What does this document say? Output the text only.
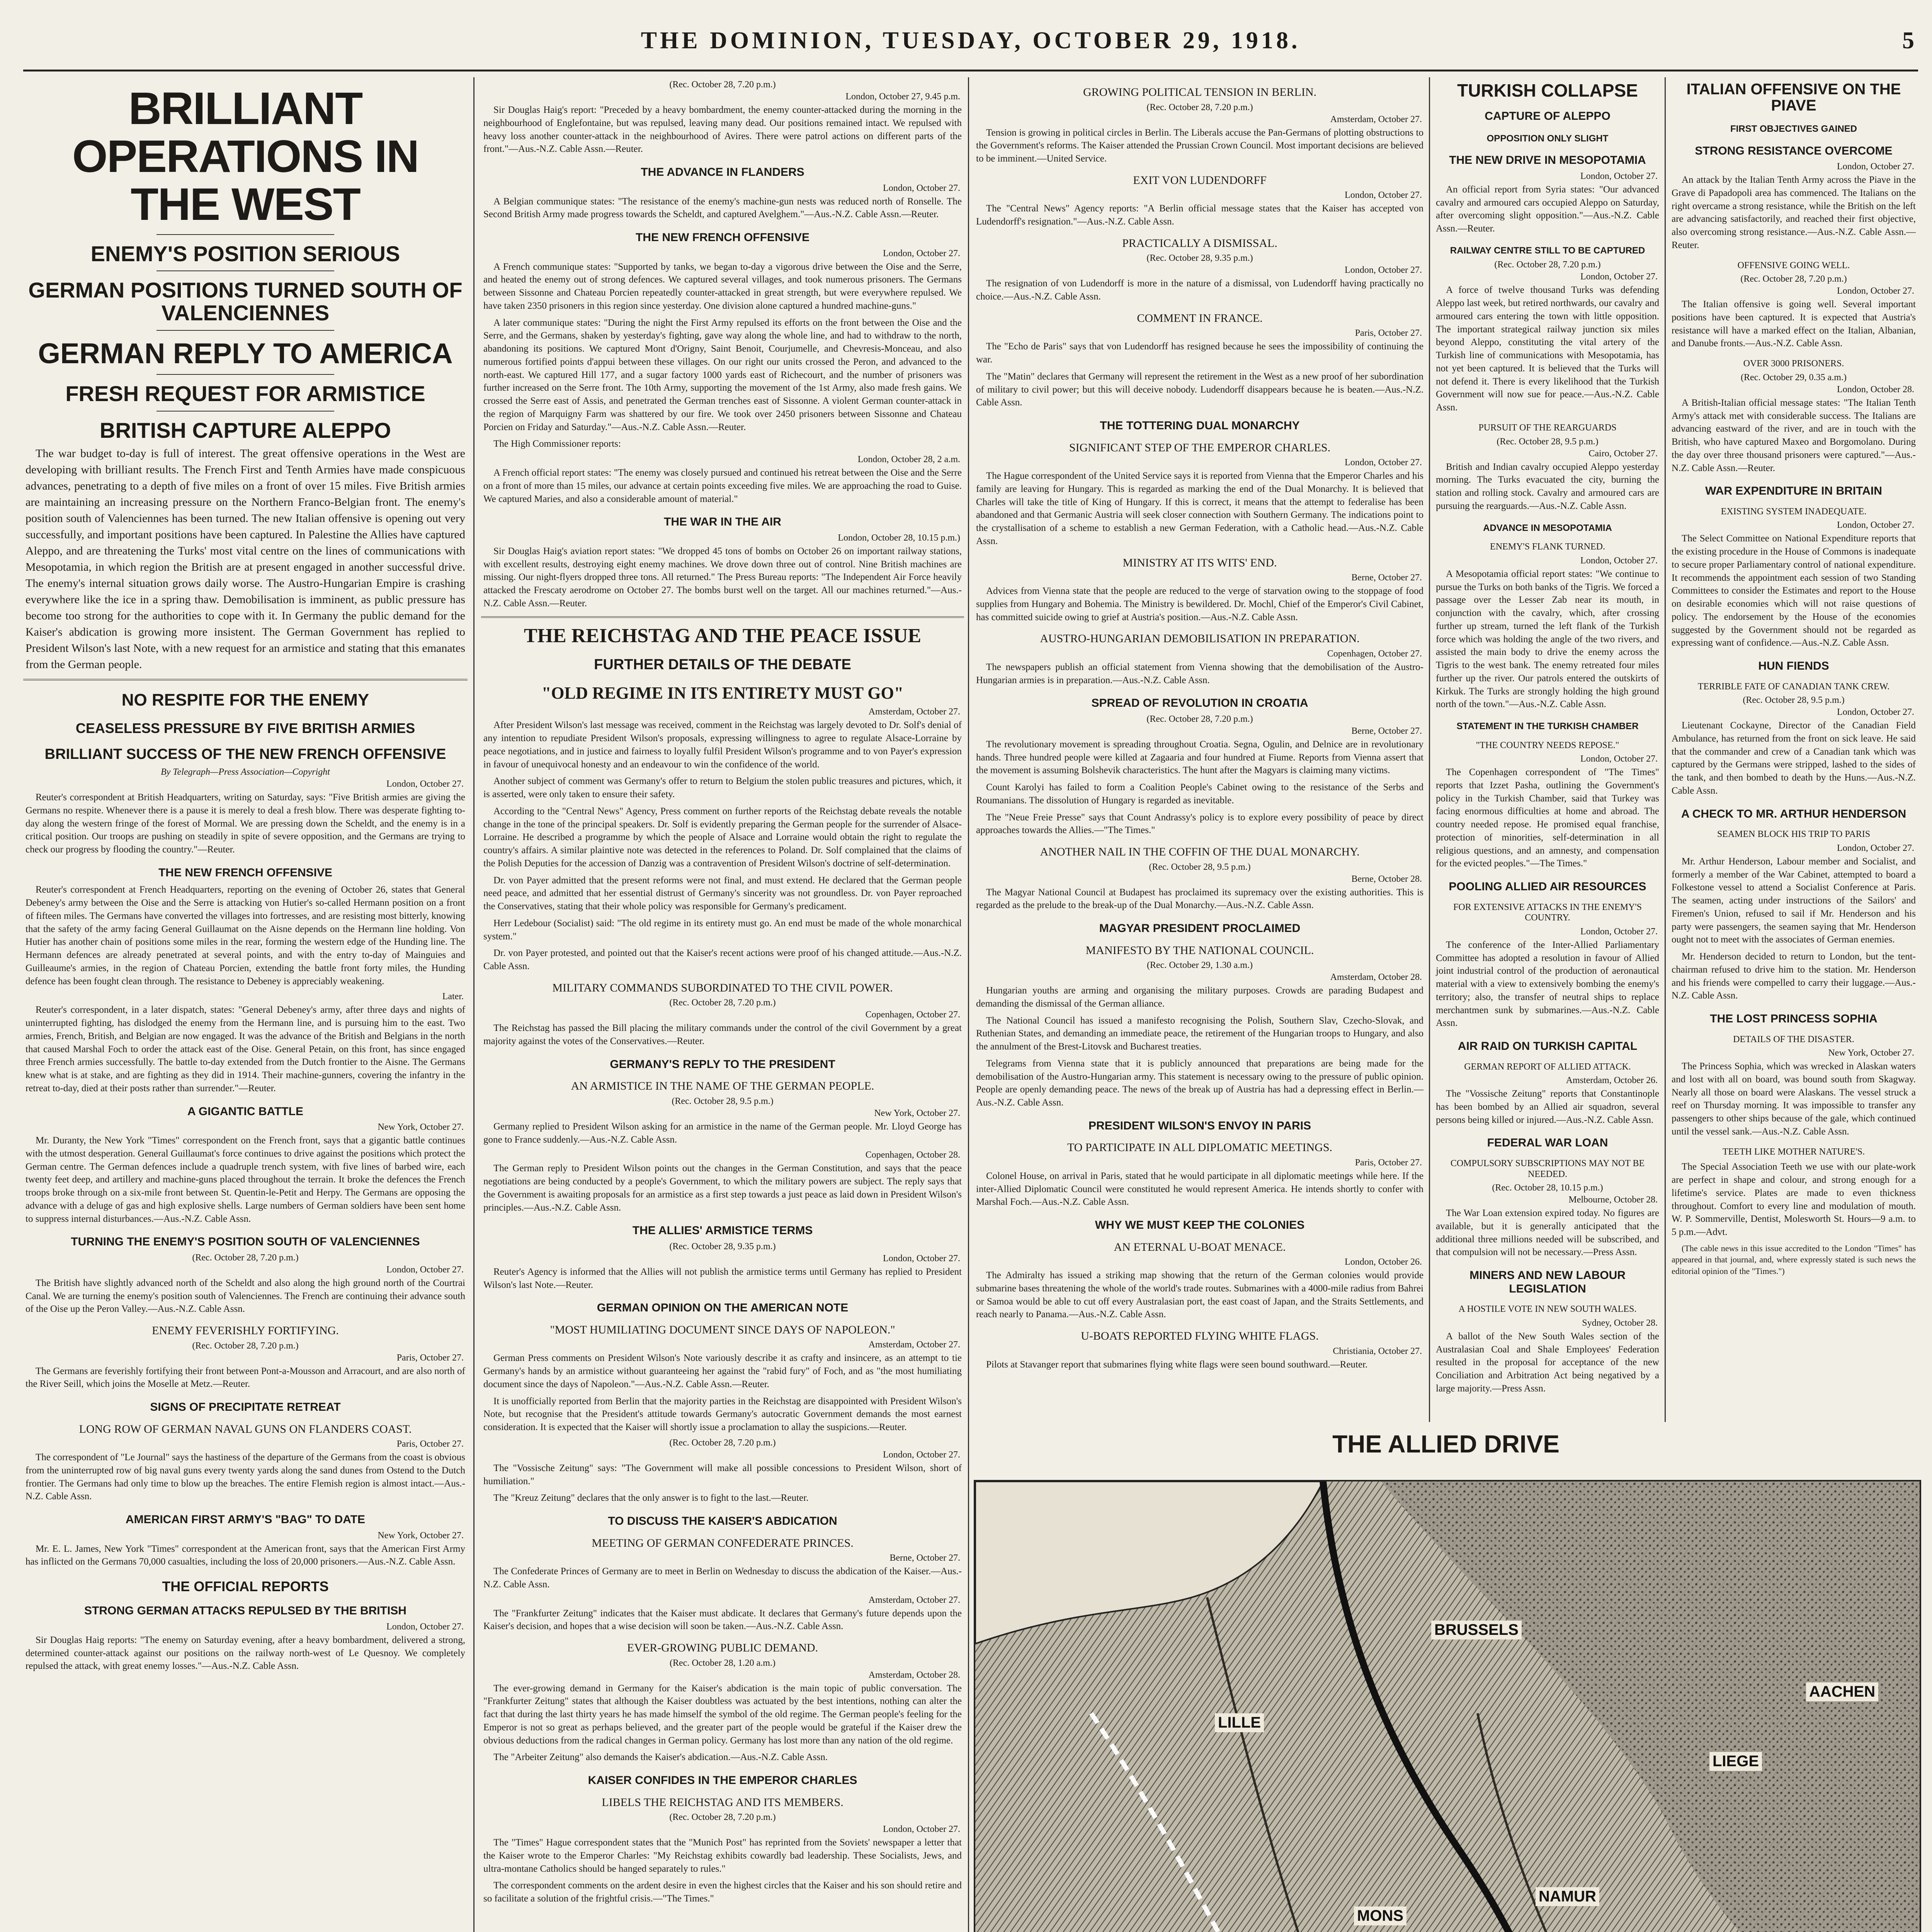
THE DOMINION, TUESDAY, OCTOBER 29, 1918.	5
BRILLIANT OPERATIONS IN THE WEST
ENEMY'S POSITION SERIOUS
GERMAN POSITIONS TURNED SOUTH OF VALENCIENNES
GERMAN REPLY TO AMERICA
FRESH REQUEST FOR ARMISTICE
BRITISH CAPTURE ALEPPO

The war budget to-day is full of interest. The great offensive operations in the West are developing with brilliant results. The French First and Tenth Armies have made conspicuous advances, penetrating to a depth of five miles on a front of over 15 miles. Five British armies are maintaining an increasing pressure on the Northern Franco-Belgian front. The enemy's position south of Valenciennes has been turned. The new Italian offensive is opening out very successfully, and important positions have been captured. In Palestine the Allies have captured Aleppo, and are threatening the Turks' most vital centre on the lines of communications with Mesopotamia, in which region the British are at present engaged in another successful drive. The enemy's internal situation grows daily worse. The Austro-Hungarian Empire is crashing everywhere like the ice in a spring thaw. Demobilisation is imminent, as public pressure has become too strong for the authorities to cope with it. In Germany the public demand for the Kaiser's abdication is growing more insistent. The German Government has replied to President Wilson's last Note, with a new request for an armistice and stating that this emanates from the German people.

NO RESPITE FOR THE ENEMY
CEASELESS PRESSURE BY FIVE BRITISH ARMIES
BRILLIANT SUCCESS OF THE NEW FRENCH OFFENSIVE
By Telegraph—Press Association—Copyright
London, October 27.

Reuter's correspondent at British Headquarters, writing on Saturday, says: "Five British armies are giving the Germans no respite. Whenever there is a pause it is merely to deal a fresh blow. There was desperate fighting to-day along the western fringe of the forest of Mormal. We are pressing down the Scheldt, and the enemy is in a critical position. Our troops are pushing on steadily in spite of severe opposition, and the Germans are trying to check our progress by flooding the country."—Reuter.

THE NEW FRENCH OFFENSIVE

Reuter's correspondent at French Headquarters, reporting on the evening of October 26, states that General Debeney's army between the Oise and the Serre is attacking von Hutier's so-called Hermann position on a front of fifteen miles. The Germans have converted the villages into fortresses, and are resisting most bitterly, knowing that the safety of the army facing General Guillaumat on the Aisne depends on the Hermann line holding. Von Hutier has another chain of positions some miles in the rear, forming the western edge of the Hunding line. The Hermann defences are already penetrated at several points, and with the entry to-day of Mainguies and Guilleaume's armies, in the region of Chateau Porcien, extending the battle front forty miles, the Hunding defence has been fought clean through. The resistance to Debeney is appreciably weakening.

Later.

Reuter's correspondent, in a later dispatch, states: "General Debeney's army, after three days and nights of uninterrupted fighting, has dislodged the enemy from the Hermann line, and is pursuing him to the east. Two armies, French, British, and Belgian are now engaged. It was the advance of the British and Belgians in the north that caused Marshal Foch to order the attack east of the Oise. General Petain, on this front, has since engaged three French armies successfully. The battle to-day extended from the Dutch frontier to the Aisne. The Germans knew what is at stake, and are fighting as they did in 1914. Their machine-gunners, covering the infantry in the retreat to-day, died at their posts rather than surrender."—Reuter.

A GIGANTIC BATTLE
New York, October 27.

Mr. Duranty, the New York "Times" correspondent on the French front, says that a gigantic battle continues with the utmost desperation. General Guillaumat's force continues to drive against the positions which protect the German centre. The German defences include a quadruple trench system, with five lines of barbed wire, each twenty feet deep, and artillery and machine-guns placed throughout the terrain. It broke the defences the French troops broke through on a six-mile front between St. Quentin-le-Petit and Herpy. The Germans are opposing the advance with a deluge of gas and high explosive shells. Large numbers of German soldiers have been sent home to suppress internal disturbances.—Aus.-N.Z. Cable Assn.

TURNING THE ENEMY'S POSITION SOUTH OF VALENCIENNES
(Rec. October 28, 7.20 p.m.)
London, October 27.

The British have slightly advanced north of the Scheldt and also along the high ground north of the Courtrai Canal. We are turning the enemy's position south of Valenciennes. The French are continuing their advance south of the Oise up the Peron Valley.—Aus.-N.Z. Cable Assn.

ENEMY FEVERISHLY FORTIFYING.
(Rec. October 28, 7.20 p.m.)
Paris, October 27.

The Germans are feverishly fortifying their front between Pont-a-Mousson and Arracourt, and are also north of the River Seill, which joins the Moselle at Metz.—Reuter.

SIGNS OF PRECIPITATE RETREAT
LONG ROW OF GERMAN NAVAL GUNS ON FLANDERS COAST.
Paris, October 27.

The correspondent of "Le Journal" says the hastiness of the departure of the Germans from the coast is obvious from the uninterrupted row of big naval guns every twenty yards along the sand dunes from Ostend to the Dutch frontier. The Germans had only time to blow up the breaches. The entire Flemish region is almost intact.—Aus.-N.Z. Cable Assn.

AMERICAN FIRST ARMY'S "BAG" TO DATE
New York, October 27.

Mr. E. L. James, New York "Times" correspondent at the American front, says that the American First Army has inflicted on the Germans 70,000 casualties, including the loss of 20,000 prisoners.—Aus.-N.Z. Cable Assn.

THE OFFICIAL REPORTS
STRONG GERMAN ATTACKS REPULSED BY THE BRITISH
London, October 27.

Sir Douglas Haig reports: "The enemy on Saturday evening, after a heavy bombardment, delivered a strong, determined counter-attack against our positions on the railway north-west of Le Quesnoy. We completely repulsed the attack, with great enemy losses."—Aus.-N.Z. Cable Assn.

(Rec. October 28, 7.20 p.m.)
London, October 27, 9.45 p.m.

Sir Douglas Haig's report: "Preceded by a heavy bombardment, the enemy counter-attacked during the morning in the neighbourhood of Englefontaine, but was repulsed, leaving many dead. Our positions remained intact. We repulsed with heavy loss another counter-attack in the neighbourhood of Avires. There were patrol actions on different parts of the front."—Aus.-N.Z. Cable Assn.—Reuter.

THE ADVANCE IN FLANDERS
London, October 27.

A Belgian communique states: "The resistance of the enemy's machine-gun nests was reduced north of Ronselle. The Second British Army made progress towards the Scheldt, and captured Avelghem."—Aus.-N.Z. Cable Assn.—Reuter.

THE NEW FRENCH OFFENSIVE
London, October 27.

A French communique states: "Supported by tanks, we began to-day a vigorous drive between the Oise and the Serre, and heated the enemy out of strong defences. We captured several villages, and took numerous prisoners. The Germans between Sissonne and Chateau Porcien repeatedly counter-attacked in great strength, but were everywhere repulsed. We have taken 2350 prisoners in this region since yesterday. One division alone captured a hundred machine-guns."

A later communique states: "During the night the First Army repulsed its efforts on the front between the Oise and the Serre, and the Germans, shaken by yesterday's fighting, gave way along the whole line, and had to withdraw to the north, abandoning its positions. We captured Mont d'Origny, Saint Benoit, Courjumelle, and Chevresis-Monceau, and also numerous fortified points d'appui between these villages. On our right our units crossed the Peron, and advanced to the north-east. We captured Hill 177, and a sugar factory 1000 yards east of Richecourt, and the number of prisoners was further increased on the Serre front. The 10th Army, supporting the movement of the 1st Army, also made fresh gains. We crossed the Serre east of Assis, and penetrated the German trenches east of Sissonne. A violent German counter-attack in the region of Marquigny Farm was shattered by our fire. We took over 2450 prisoners between Sissonne and Chateau Porcien on Friday and Saturday."—Aus.-N.Z. Cable Assn.—Reuter.

The High Commissioner reports:

London, October 28, 2 a.m.

A French official report states: "The enemy was closely pursued and continued his retreat between the Oise and the Serre on a front of more than 15 miles, our advance at certain points exceeding five miles. We are approaching the road to Guise. We captured Maries, and also a considerable amount of material."

THE WAR IN THE AIR
London, October 28, 10.15 p.m.)

Sir Douglas Haig's aviation report states: "We dropped 45 tons of bombs on October 26 on important railway stations, with excellent results, destroying eight enemy machines. We drove down three out of control. Nine British machines are missing. Our night-flyers dropped three tons. All returned." The Press Bureau reports: "The Independent Air Force heavily attacked the Frescaty aerodrome on October 27. The bombs burst well on the target. All our machines returned."—Aus.-N.Z. Cable Assn.—Reuter.

THE REICHSTAG AND THE PEACE ISSUE
FURTHER DETAILS OF THE DEBATE
"OLD REGIME IN ITS ENTIRETY MUST GO"
Amsterdam, October 27.

After President Wilson's last message was received, comment in the Reichstag was largely devoted to Dr. Solf's denial of any intention to repudiate President Wilson's proposals, expressing willingness to agree to regulate Alsace-Lorraine by peace negotiations, and in justice and fairness to loyally fulfil President Wilson's programme and to von Payer's expression in favour of unequivocal honesty and an endeavour to win the confidence of the world.

Another subject of comment was Germany's offer to return to Belgium the stolen public treasures and pictures, which, it is asserted, were only taken to ensure their safety.

According to the "Central News" Agency, Press comment on further reports of the Reichstag debate reveals the notable change in the tone of the principal speakers. Dr. Solf is evidently preparing the German people for the surrender of Alsace-Lorraine. He described a programme by which the people of Alsace and Lorraine would obtain the right to regulate the country's affairs. A similar plaintive note was detected in the references to Poland. Dr. Solf complained that the claims of the Polish Deputies for the accession of Danzig was a contravention of President Wilson's doctrine of self-determination.

Dr. von Payer admitted that the present reforms were not final, and must extend. He declared that the German people need peace, and admitted that her essential distrust of Germany's sincerity was not groundless. Dr. von Payer reproached the Conservatives, stating that their whole policy was responsible for Germany's predicament.

Herr Ledebour (Socialist) said: "The old regime in its entirety must go. An end must be made of the whole monarchical system."

Dr. von Payer protested, and pointed out that the Kaiser's recent actions were proof of his changed attitude.—Aus.-N.Z. Cable Assn.

MILITARY COMMANDS SUBORDINATED TO THE CIVIL POWER.
(Rec. October 28, 7.20 p.m.)
Copenhagen, October 27.

The Reichstag has passed the Bill placing the military commands under the control of the civil Government by a great majority against the votes of the Conservatives.—Reuter.

GERMANY'S REPLY TO THE PRESIDENT
AN ARMISTICE IN THE NAME OF THE GERMAN PEOPLE.
(Rec. October 28, 9.5 p.m.)
New York, October 27.

Germany replied to President Wilson asking for an armistice in the name of the German people. Mr. Lloyd George has gone to France suddenly.—Aus.-N.Z. Cable Assn.

Copenhagen, October 28.

The German reply to President Wilson points out the changes in the German Constitution, and says that the peace negotiations are being conducted by a people's Government, to which the military powers are subject. The reply says that the Government is awaiting proposals for an armistice as a first step towards a just peace as laid down in President Wilson's principles.—Aus.-N.Z. Cable Assn.

THE ALLIES' ARMISTICE TERMS
(Rec. October 28, 9.35 p.m.)
London, October 27.

Reuter's Agency is informed that the Allies will not publish the armistice terms until Germany has replied to President Wilson's last Note.—Reuter.

GERMAN OPINION ON THE AMERICAN NOTE
"MOST HUMILIATING DOCUMENT SINCE DAYS OF NAPOLEON."
Amsterdam, October 27.

German Press comments on President Wilson's Note variously describe it as crafty and insincere, as an attempt to tie Germany's hands by an armistice without guaranteeing her against the "rabid fury" of Foch, and as "the most humiliating document since the days of Napoleon."—Aus.-N.Z. Cable Assn.—Reuter.

It is unofficially reported from Berlin that the majority parties in the Reichstag are disappointed with President Wilson's Note, but recognise that the President's attitude towards Germany's autocratic Government demands the most earnest consideration. It is expected that the Kaiser will shortly issue a proclamation to allay the suspicions.—Reuter.

(Rec. October 28, 7.20 p.m.)
London, October 27.

The "Vossische Zeitung" says: "The Government will make all possible concessions to President Wilson, short of humiliation."

The "Kreuz Zeitung" declares that the only answer is to fight to the last.—Reuter.

TO DISCUSS THE KAISER'S ABDICATION
MEETING OF GERMAN CONFEDERATE PRINCES.
Berne, October 27.

The Confederate Princes of Germany are to meet in Berlin on Wednesday to discuss the abdication of the Kaiser.—Aus.-N.Z. Cable Assn.

Amsterdam, October 27.

The "Frankfurter Zeitung" indicates that the Kaiser must abdicate. It declares that Germany's future depends upon the Kaiser's decision, and hopes that a wise decision will soon be taken.—Aus.-N.Z. Cable Assn.

EVER-GROWING PUBLIC DEMAND.
(Rec. October 28, 1.20 a.m.)
Amsterdam, October 28.

The ever-growing demand in Germany for the Kaiser's abdication is the main topic of public conversation. The "Frankfurter Zeitung" states that although the Kaiser doubtless was actuated by the best intentions, nothing can alter the fact that during the last thirty years he has made himself the symbol of the old regime. The German people's feeling for the Emperor is not so great as perhaps believed, and the greater part of the people would be grateful if the Kaiser drew the obvious deductions from the radical changes in German policy. Germany has lost more than any nation of the old regime.

The "Arbeiter Zeitung" also demands the Kaiser's abdication.—Aus.-N.Z. Cable Assn.

KAISER CONFIDES IN THE EMPEROR CHARLES
LIBELS THE REICHSTAG AND ITS MEMBERS.
(Rec. October 28, 7.20 p.m.)
London, October 27.

The "Times" Hague correspondent states that the "Munich Post" has reprinted from the Soviets' newspaper a letter that the Kaiser wrote to the Emperor Charles: "My Reichstag exhibits cowardly bad leadership. These Socialists, Jews, and ultra-montane Catholics should be hanged separately to rules."

The correspondent comments on the ardent desire in even the highest circles that the Kaiser and his son should retire and so facilitate a solution of the frightful crisis.—"The Times."

GROWING POLITICAL TENSION IN BERLIN.
(Rec. October 28, 7.20 p.m.)
Amsterdam, October 27.

Tension is growing in political circles in Berlin. The Liberals accuse the Pan-Germans of plotting obstructions to the Government's reforms. The Kaiser attended the Prussian Crown Council. Most important decisions are believed to be imminent.—United Service.

EXIT VON LUDENDORFF
London, October 27.

The "Central News" Agency reports: "A Berlin official message states that the Kaiser has accepted von Ludendorff's resignation."—Aus.-N.Z. Cable Assn.

PRACTICALLY A DISMISSAL.
(Rec. October 28, 9.35 p.m.)
London, October 27.

The resignation of von Ludendorff is more in the nature of a dismissal, von Ludendorff having practically no choice.—Aus.-N.Z. Cable Assn.

COMMENT IN FRANCE.
Paris, October 27.

The "Echo de Paris" says that von Ludendorff has resigned because he sees the impossibility of continuing the war.

The "Matin" declares that Germany will represent the retirement in the West as a new proof of her subordination of military to civil power; but this will deceive nobody. Ludendorff disappears because he is beaten.—Aus.-N.Z. Cable Assn.

THE TOTTERING DUAL MONARCHY
SIGNIFICANT STEP OF THE EMPEROR CHARLES.
London, October 27.

The Hague correspondent of the United Service says it is reported from Vienna that the Emperor Charles and his family are leaving for Hungary. This is regarded as marking the end of the Dual Monarchy. It is believed that Charles will take the title of King of Hungary. If this is correct, it means that the attempt to federalise has been abandoned and that Germanic Austria will seek closer connection with Southern Germany. The indications point to the crystallisation of a scheme to establish a new German Federation, with a Catholic head.—Aus.-N.Z. Cable Assn.

MINISTRY AT ITS WITS' END.
Berne, October 27.

Advices from Vienna state that the people are reduced to the verge of starvation owing to the stoppage of food supplies from Hungary and Bohemia. The Ministry is bewildered. Dr. Mochl, Chief of the Emperor's Civil Cabinet, has committed suicide owing to grief at Austria's position.—Aus.-N.Z. Cable Assn.

AUSTRO-HUNGARIAN DEMOBILISATION IN PREPARATION.
Copenhagen, October 27.

The newspapers publish an official statement from Vienna showing that the demobilisation of the Austro-Hungarian armies is in preparation.—Aus.-N.Z. Cable Assn.

SPREAD OF REVOLUTION IN CROATIA
(Rec. October 28, 7.20 p.m.)
Berne, October 27.

The revolutionary movement is spreading throughout Croatia. Segna, Ogulin, and Delnice are in revolutionary hands. Three hundred people were killed at Zagaaria and four hundred at Fiume. Reports from Vienna assert that the movement is assuming Bolshevik characteristics. The hunt after the Magyars is claiming many victims.

Count Karolyi has failed to form a Coalition People's Cabinet owing to the resistance of the Serbs and Roumanians. The dissolution of Hungary is regarded as inevitable.

The "Neue Freie Presse" says that Count Andrassy's policy is to explore every possibility of peace by direct approaches towards the Allies.—"The Times."

ANOTHER NAIL IN THE COFFIN OF THE DUAL MONARCHY.
(Rec. October 28, 9.5 p.m.)
Berne, October 28.

The Magyar National Council at Budapest has proclaimed its supremacy over the existing authorities. This is regarded as the prelude to the break-up of the Dual Monarchy.—Aus.-N.Z. Cable Assn.

MAGYAR PRESIDENT PROCLAIMED
MANIFESTO BY THE NATIONAL COUNCIL.
(Rec. October 29, 1.30 a.m.)
Amsterdam, October 28.

Hungarian youths are arming and organising the military purposes. Crowds are parading Budapest and demanding the dismissal of the German alliance.

The National Council has issued a manifesto recognising the Polish, Southern Slav, Czecho-Slovak, and Ruthenian States, and demanding an immediate peace, the retirement of the Hungarian troops to Hungary, and also the annulment of the Brest-Litovsk and Bucharest treaties.

Telegrams from Vienna state that it is publicly announced that preparations are being made for the demobilisation of the Austro-Hungarian army. This statement is necessary owing to the pressure of public opinion. People are openly demanding peace. The news of the break up of Austria has had a depressing effect in Berlin.—Aus.-N.Z. Cable Assn.

PRESIDENT WILSON'S ENVOY IN PARIS
TO PARTICIPATE IN ALL DIPLOMATIC MEETINGS.
Paris, October 27.

Colonel House, on arrival in Paris, stated that he would participate in all diplomatic meetings while here. If the inter-Allied Diplomatic Council were constituted he would represent America. He intends shortly to confer with Marshal Foch.—Aus.-N.Z. Cable Assn.

WHY WE MUST KEEP THE COLONIES
AN ETERNAL U-BOAT MENACE.
London, October 26.

The Admiralty has issued a striking map showing that the return of the German colonies would provide submarine bases threatening the whole of the world's trade routes. Submarines with a 4000-mile radius from Bahrei or Samoa would be able to cut off every Australasian port, the east coast of Japan, and the Straits Settlements, and reach nearly to Panama.—Aus.-N.Z. Cable Assn.

U-BOATS REPORTED FLYING WHITE FLAGS.
Christiania, October 27.

Pilots at Stavanger report that submarines flying white flags were seen bound southward.—Reuter.

TURKISH COLLAPSE
CAPTURE OF ALEPPO
OPPOSITION ONLY SLIGHT
THE NEW DRIVE IN MESOPOTAMIA
London, October 27.

An official report from Syria states: "Our advanced cavalry and armoured cars occupied Aleppo on Saturday, after overcoming slight opposition."—Aus.-N.Z. Cable Assn.—Reuter.

RAILWAY CENTRE STILL TO BE CAPTURED
(Rec. October 28, 7.20 p.m.)
London, October 27.

A force of twelve thousand Turks was defending Aleppo last week, but retired northwards, our cavalry and armoured cars entering the town with little opposition. The important strategical railway junction six miles beyond Aleppo, constituting the vital artery of the Turkish line of communications with Mesopotamia, has not yet been captured. It is believed that the Turks will not defend it. There is every likelihood that the Turkish Government will now sue for peace.—Aus.-N.Z. Cable Assn.

PURSUIT OF THE REARGUARDS
(Rec. October 28, 9.5 p.m.)
Cairo, October 27.

British and Indian cavalry occupied Aleppo yesterday morning. The Turks evacuated the city, burning the station and rolling stock. Cavalry and armoured cars are pursuing the rearguards.—Aus.-N.Z. Cable Assn.

ADVANCE IN MESOPOTAMIA
ENEMY'S FLANK TURNED.
London, October 27.

A Mesopotamia official report states: "We continue to pursue the Turks on both banks of the Tigris. We forced a passage over the Lesser Zab near its mouth, in conjunction with the cavalry, which, after crossing further up stream, turned the left flank of the Turkish force which was holding the angle of the two rivers, and assisted the main body to drive the enemy across the Tigris to the west bank. The enemy retreated four miles further up the river. Our patrols entered the outskirts of Kirkuk. The Turks are strongly holding the high ground north of the town."—Aus.-N.Z. Cable Assn.

STATEMENT IN THE TURKISH CHAMBER
"THE COUNTRY NEEDS REPOSE."
London, October 27.

The Copenhagen correspondent of "The Times" reports that Izzet Pasha, outlining the Government's policy in the Turkish Chamber, said that Turkey was facing enormous difficulties at home and abroad. The country needed repose. He promised equal franchise, protection of minorities, self-determination in all religious questions, and an amnesty, and compensation for the evicted peoples."—The Times."

POOLING ALLIED AIR RESOURCES
FOR EXTENSIVE ATTACKS IN THE ENEMY'S COUNTRY.
London, October 27.

The conference of the Inter-Allied Parliamentary Committee has adopted a resolution in favour of Allied joint industrial control of the production of aeronautical material with a view to extensively bombing the enemy's territory; also, the transfer of neutral ships to replace merchantmen sunk by submarines.—Aus.-N.Z. Cable Assn.

AIR RAID ON TURKISH CAPITAL
GERMAN REPORT OF ALLIED ATTACK.
Amsterdam, October 26.

The "Vossische Zeitung" reports that Constantinople has been bombed by an Allied air squadron, several persons being killed or injured.—Aus.-N.Z. Cable Assn.

FEDERAL WAR LOAN
COMPULSORY SUBSCRIPTIONS MAY NOT BE NEEDED.
(Rec. October 28, 10.15 p.m.)
Melbourne, October 28.

The War Loan extension expired today. No figures are available, but it is generally anticipated that the additional three millions needed will be subscribed, and that compulsion will not be necessary.—Press Assn.

MINERS AND NEW LABOUR LEGISLATION
A HOSTILE VOTE IN NEW SOUTH WALES.
Sydney, October 28.

A ballot of the New South Wales section of the Australasian Coal and Shale Employees' Federation resulted in the proposal for acceptance of the new Conciliation and Arbitration Act being negatived by a large majority.—Press Assn.

ITALIAN OFFENSIVE ON THE PIAVE
FIRST OBJECTIVES GAINED
STRONG RESISTANCE OVERCOME
London, October 27.

An attack by the Italian Tenth Army across the Piave in the Grave di Papadopoli area has commenced. The Italians on the right overcame a strong resistance, while the British on the left are advancing satisfactorily, and reached their first objective, also overcoming strong resistance.—Aus.-N.Z. Cable Assn.—Reuter.

OFFENSIVE GOING WELL.
(Rec. October 28, 7.20 p.m.)
London, October 27.

The Italian offensive is going well. Several important positions have been captured. It is expected that Austria's resistance will have a marked effect on the Italian, Albanian, and Danube fronts.—Aus.-N.Z. Cable Assn.

OVER 3000 PRISONERS.
(Rec. October 29, 0.35 a.m.)
London, October 28.

A British-Italian official message states: "The Italian Tenth Army's attack met with considerable success. The Italians are advancing eastward of the river, and are in touch with the British, who have captured Maxeo and Borgomolano. During the day over three thousand prisoners were captured."—Aus.-N.Z. Cable Assn.—Reuter.

WAR EXPENDITURE IN BRITAIN
EXISTING SYSTEM INADEQUATE.
London, October 27.

The Select Committee on National Expenditure reports that the existing procedure in the House of Commons is inadequate to secure proper Parliamentary control of national expenditure. It recommends the appointment each session of two Standing Committees to consider the Estimates and report to the House on desirable economies which will not raise questions of policy. The endorsement by the House of the economies suggested by the Government should not be regarded as expressing want of confidence.—Aus.-N.Z. Cable Assn.

HUN FIENDS
TERRIBLE FATE OF CANADIAN TANK CREW.
(Rec. October 28, 9.5 p.m.)
London, October 27.

Lieutenant Cockayne, Director of the Canadian Field Ambulance, has returned from the front on sick leave. He said that the commander and crew of a Canadian tank which was captured by the Germans were stripped, lashed to the sides of the tank, and then bombed to death by the Huns.—Aus.-N.Z. Cable Assn.

A CHECK TO MR. ARTHUR HENDERSON
SEAMEN BLOCK HIS TRIP TO PARIS
London, October 27.

Mr. Arthur Henderson, Labour member and Socialist, and formerly a member of the War Cabinet, attempted to board a Folkestone vessel to attend a Socialist Conference at Paris. The seamen, acting under instructions of the Sailors' and Firemen's Union, refused to sail if Mr. Henderson and his party were passengers, the seamen saying that Mr. Henderson ought not to meet with the associates of German enemies.

Mr. Henderson decided to return to London, but the tent-chairman refused to drive him to the station. Mr. Henderson and his friends were compelled to carry their luggage.—Aus.-N.Z. Cable Assn.

THE LOST PRINCESS SOPHIA
DETAILS OF THE DISASTER.
New York, October 27.

The Princess Sophia, which was wrecked in Alaskan waters and lost with all on board, was bound south from Skagway. Nearly all those on board were Alaskans. The vessel struck a reef on Thursday morning. It was impossible to transfer any passengers to other ships because of the gale, which continued until the vessel sank.—Aus.-N.Z. Cable Assn.

TEETH LIKE MOTHER NATURE'S.

The Special Association Teeth we use with our plate-work are perfect in shape and colour, and strong enough for a lifetime's service. Plates are made to even thickness throughout. Comfort to every line and modulation of mouth. W. P. Sommerville, Dentist, Molesworth St. Hours—9 a.m. to 5 p.m.—Advt.

(The cable news in this issue accredited to the London "Times" has appeared in that journal, and, where expressly stated is such news the editorial opinion of the "Times.")

THE ALLIED DRIVE
BRUSSELS
LILLE
LIEGE
AACHEN
NAMUR
MONS
